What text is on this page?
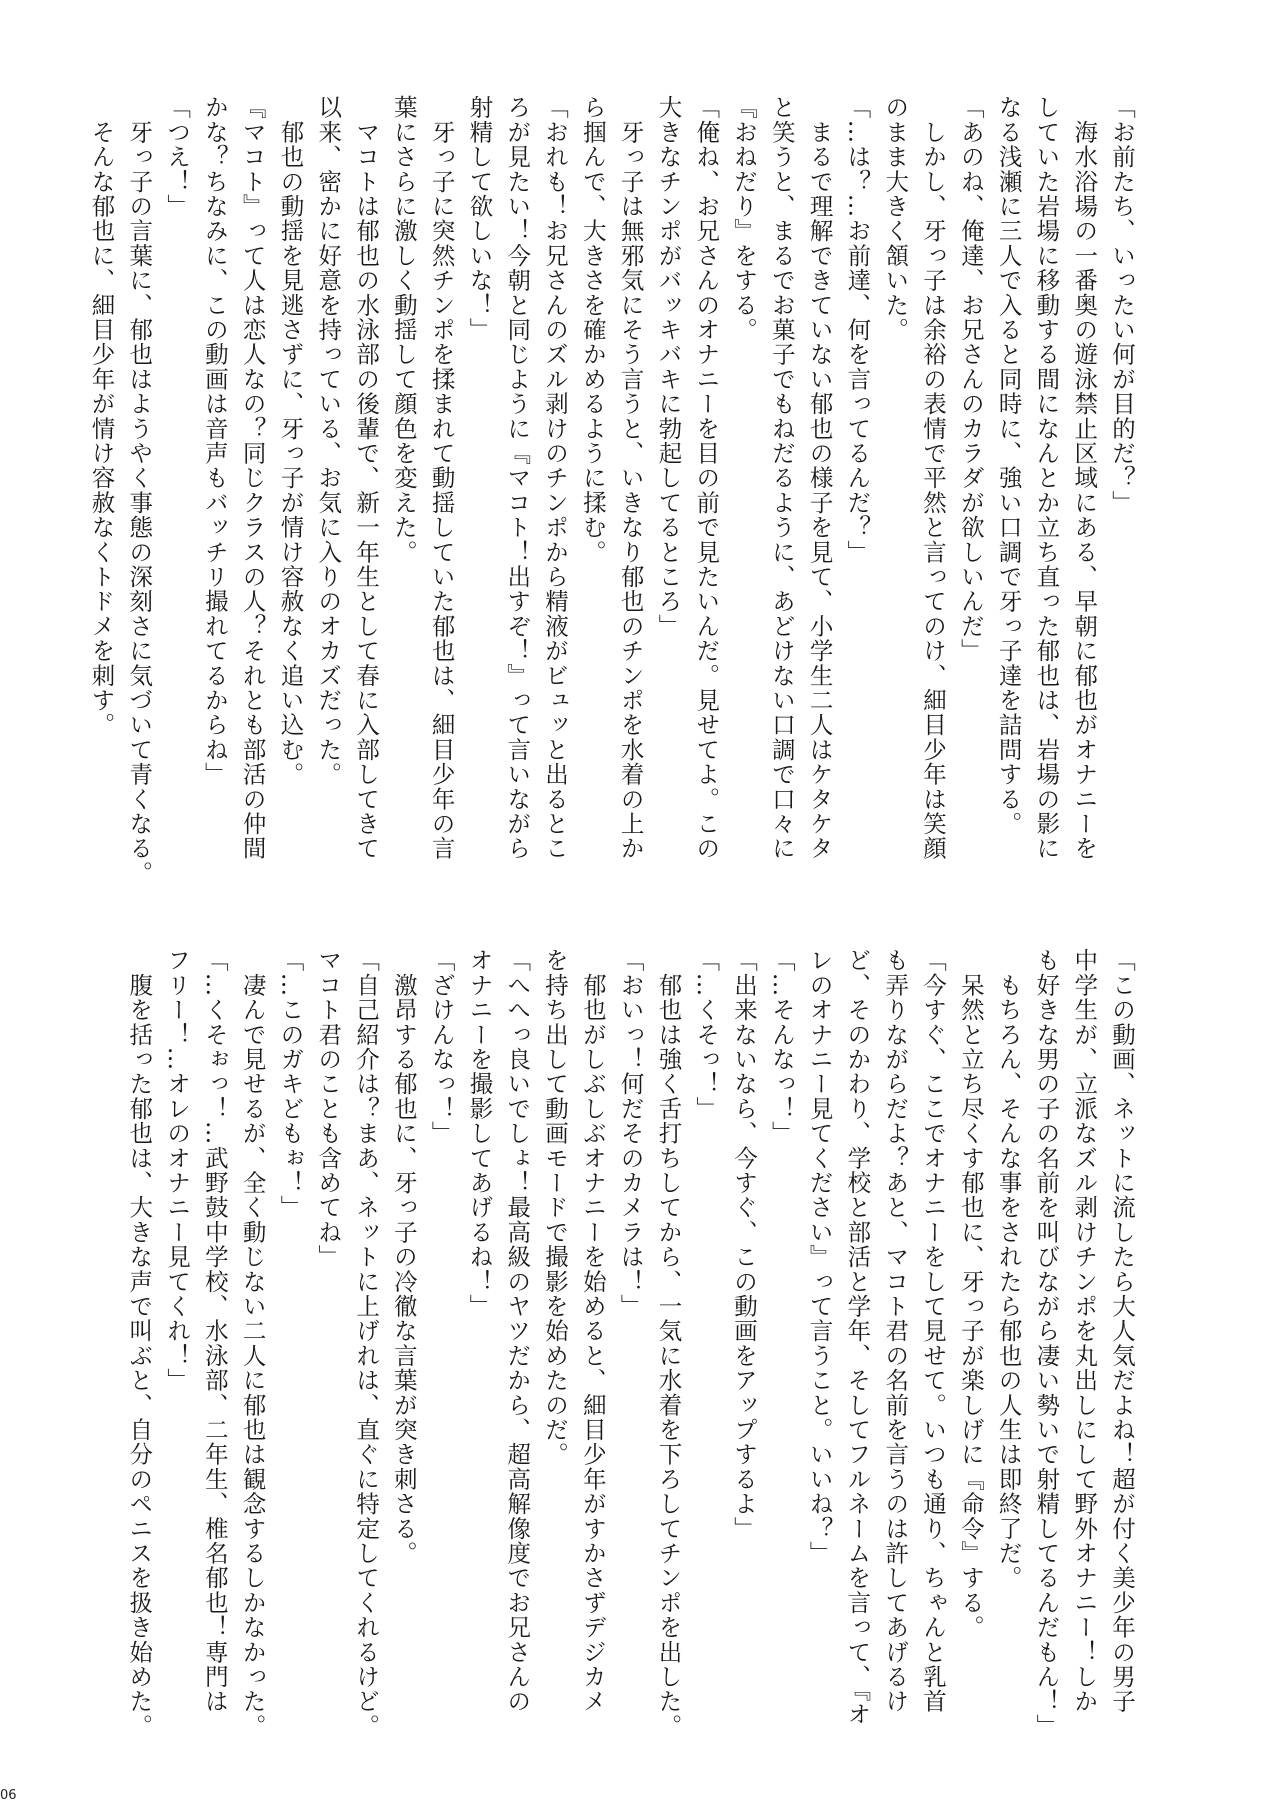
「お前たち、いったい何が目的だ？」
　海水浴場の一番奥の遊泳禁止区域にある、早朝に郁也がオナニーを
していた岩場に移動する間になんとか立ち直った郁也は、岩場の影に
なる浅瀬に三人で入ると同時に、強い口調で牙っ子達を詰問する。
「あのね、俺達、お兄さんのカラダが欲しいんだ」
　しかし、牙っ子は余裕の表情で平然と言ってのけ、細目少年は笑顔
のまま大きく頷いた。
「…は？…お前達、何を言ってるんだ？」
　まるで理解できていない郁也の様子を見て、小学生二人はケタケタ
と笑うと、まるでお菓子でもねだるように、あどけない口調で口々に
『おねだり』をする。
「俺ね、お兄さんのオナニーを目の前で見たいんだ。見せてよ。この
大きなチンポがバッキバキに勃起してるところ」
　牙っ子は無邪気にそう言うと、いきなり郁也のチンポを水着の上か
ら掴んで、大きさを確かめるように揉む。
「おれも！お兄さんのズル剥けのチンポから精液がビュッと出るとこ
ろが見たい！今朝と同じように『マコト！出すぞ！』って言いながら
射精して欲しいな！」
　牙っ子に突然チンポを揉まれて動揺していた郁也は、細目少年の言
葉にさらに激しく動揺して顔色を変えた。
　マコトは郁也の水泳部の後輩で、新一年生として春に入部してきて
以来、密かに好意を持っている、お気に入りのオカズだった。
　郁也の動揺を見逃さずに、牙っ子が情け容赦なく追い込む。
『マコト』って人は恋人なの？同じクラスの人？それとも部活の仲間
かな？ちなみに、この動画は音声もバッチリ撮れてるからね」
「つえ！」
　牙っ子の言葉に、郁也はようやく事態の深刻さに気づいて青くなる。
　そんな郁也に、細目少年が情け容赦なくトドメを刺す。
「この動画、ネットに流したら大人気だよね！超が付く美少年の男子
中学生が、立派なズル剥けチンポを丸出しにして野外オナニー！しか
も好きな男の子の名前を叫びながら凄い勢いで射精してるんだもん！」
　もちろん、そんな事をされたら郁也の人生は即終了だ。
　呆然と立ち尽くす郁也に、牙っ子が楽しげに『命令』する。
「今すぐ、ここでオナニーをして見せて。いつも通り、ちゃんと乳首
も弄りながらだよ？あと、マコト君の名前を言うのは許してあげるけ
ど、そのかわり、学校と部活と学年、そしてフルネームを言って、『オ
レのオナニー見てください』って言うこと。いいね？」
「…そんなっ！」
「出来ないなら、今すぐ、この動画をアップするよ」
「…くそっ！」
　郁也は強く舌打ちしてから、一気に水着を下ろしてチンポを出した。
「おいっ！何だそのカメラは！」
　郁也がしぶしぶオナニーを始めると、細目少年がすかさずデジカメ
を持ち出して動画モードで撮影を始めたのだ。
「へへっ良いでしょ！最高級のヤツだから、超高解像度でお兄さんの
オナニーを撮影してあげるね！」
「ざけんなっ！」
　激昂する郁也に、牙っ子の冷徹な言葉が突き刺さる。
「自己紹介は？まあ、ネットに上げれは、直ぐに特定してくれるけど。
マコト君のことも含めてね」
「…このガキどもぉ！」
　凄んで見せるが、全く動じない二人に郁也は観念するしかなかった。
「…くそぉっ！…武野鼓中学校、水泳部、二年生、椎名郁也！専門は
フリー！…オレのオナニー見てくれ！」
　腹を括った郁也は、大きな声で叫ぶと、自分のペニスを扱き始めた。
06
